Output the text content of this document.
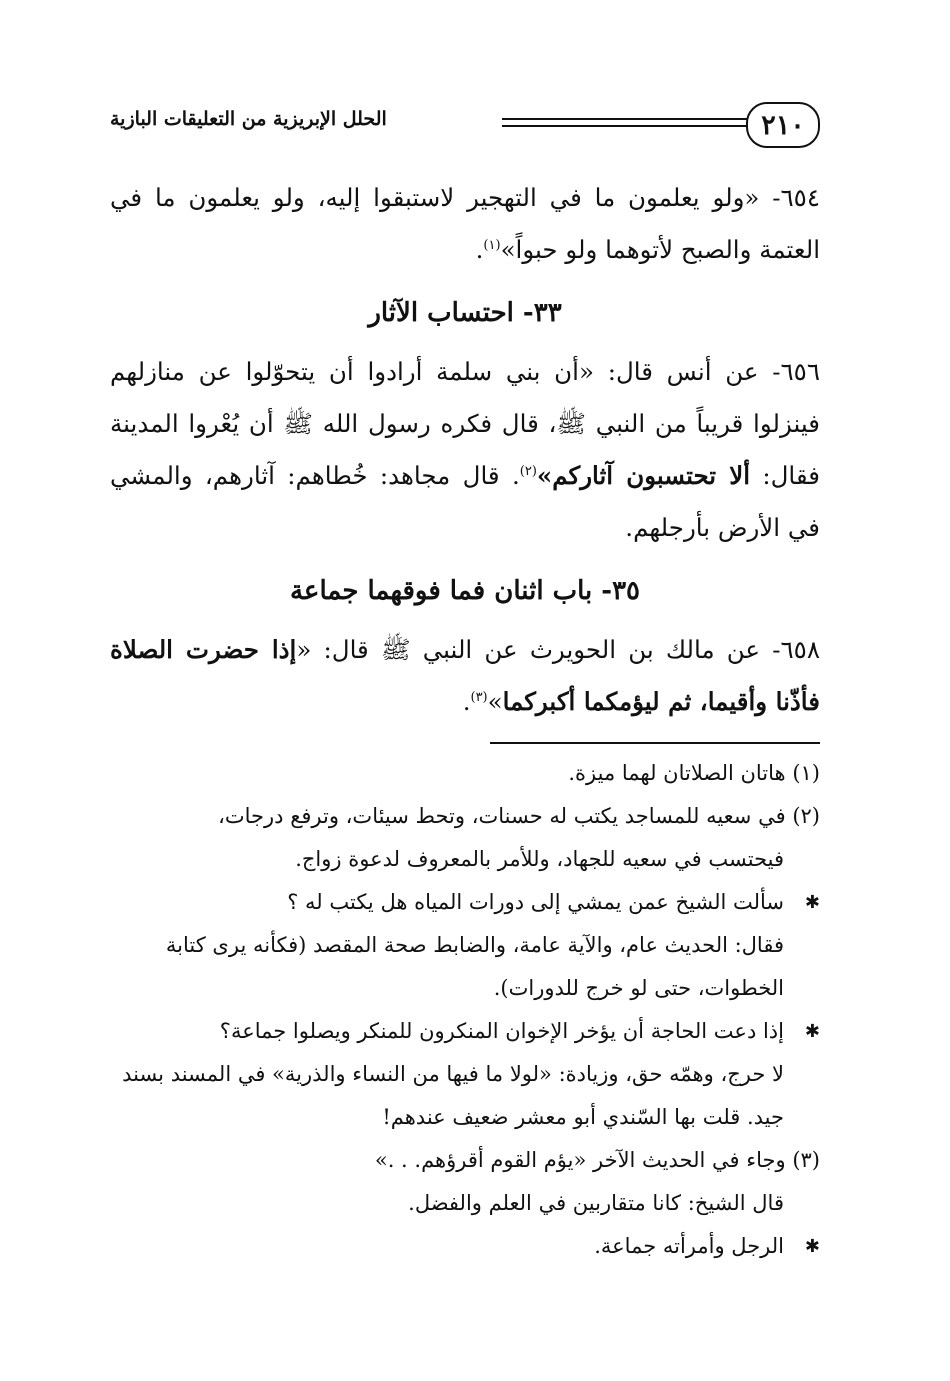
٢١٠
الحلل الإبريزية من التعليقات البازية

٦٥٤- «ولو يعلمون ما في التهجير لاستبقوا إليه، ولو يعلمون ما في العتمة والصبح لأتوهما ولو حبواً»$^{(١)}$.

٣٣- احتساب الآثار

٦٥٦- عن أنس قال: «أن بني سلمة أرادوا أن يتحوّلوا عن منازلهم فينزلوا قريباً من النبي ﷺ، قال فكره رسول الله ﷺ أن يُعْروا المدينة فقال: ألا تحتسبون آثاركم»$^{(٢)}$. قال مجاهد: خُطاهم: آثارهم، والمشي في الأرض بأرجلهم.

٣٥- باب اثنان فما فوقهما جماعة

٦٥٨- عن مالك بن الحويرث عن النبي ﷺ قال: «إذا حضرت الصلاة فأذّنا وأقيما، ثم ليؤمكما أكبركما»$^{(٣)}$.

(١) هاتان الصلاتان لهما ميزة.

(٢) في سعيه للمساجد يكتب له حسنات، وتحط سيئات، وترفع درجات،

فيحتسب في سعيه للجهاد، وللأمر بالمعروف لدعوة زواج.

✱

سألت الشيخ عمن يمشي إلى دورات المياه هل يكتب له ؟

فقال: الحديث عام، والآية عامة، والضابط صحة المقصد (فكأنه يرى كتابة الخطوات، حتى لو خرج للدورات).

✱

إذا دعت الحاجة أن يؤخر الإخوان المنكرون للمنكر ويصلوا جماعة؟

لا حرج، وهمّه حق، وزيادة: «لولا ما فيها من النساء والذرية» في المسند بسند جيد. قلت بها السّندي أبو معشر ضعيف عندهم!

(٣) وجاء في الحديث الآخر «يؤم القوم أقرؤهم. . .»

قال الشيخ: كانا متقاربين في العلم والفضل.

✱

الرجل وأمرأته جماعة.
